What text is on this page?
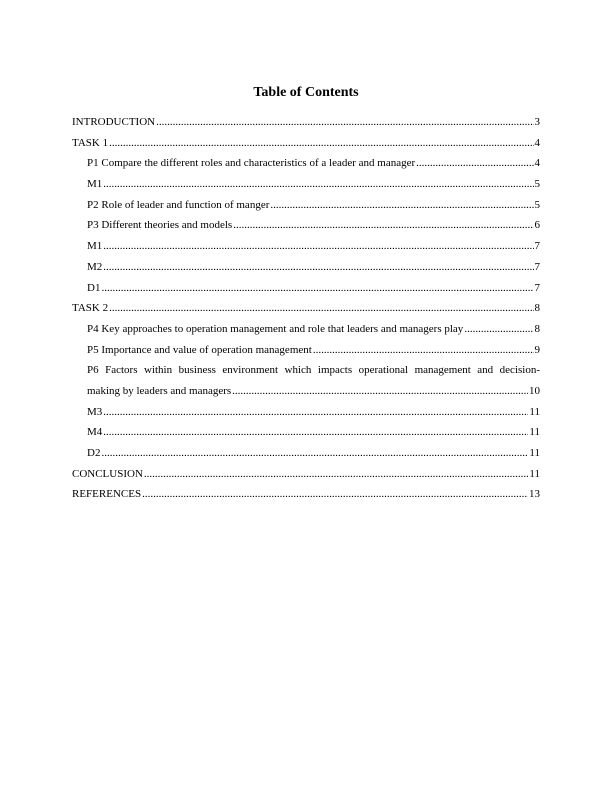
Table of Contents
INTRODUCTION .....	3
TASK 1 .....	4
P1 Compare the different roles and characteristics of a leader and manager .....	4
M1 .....	5
P2 Role of leader and function of manger .....	5
P3 Different theories and models .....	6
M1 .....	7
M2 .....	7
D1 .....	7
TASK 2 .....	8
P4 Key approaches to operation management and role that leaders and managers play .....	8
P5 Importance and value of operation management .....	9
P6 Factors within business environment which impacts operational management and decision-
making by leaders and managers .....	10
M3 .....	11
M4 .....	11
D2 .....	11
CONCLUSION .....	11
REFERENCES .....	13
